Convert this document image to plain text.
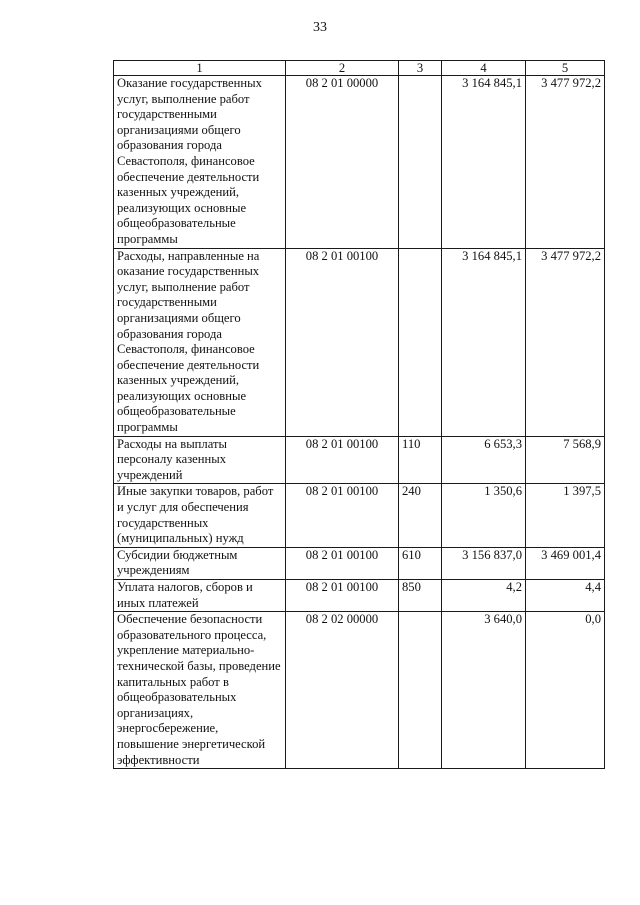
33
1	2	3	4	5
Оказание государственных услуг, выполнение работ государственными организациями общего образования города Севастополя, финансовое обеспечение деятельности казенных учреждений, реализующих основные общеобразовательные программы	08 2 01 00000		3 164 845,1	3 477 972,2
Расходы, направленные на оказание государственных услуг, выполнение работ государственными организациями общего образования города Севастополя, финансовое обеспечение деятельности казенных учреждений, реализующих основные общеобразовательные программы	08 2 01 00100		3 164 845,1	3 477 972,2
Расходы на выплаты персоналу казенных учреждений	08 2 01 00100	110	6 653,3	7 568,9
Иные закупки товаров, работ и услуг для обеспечения государственных (муниципальных) нужд	08 2 01 00100	240	1 350,6	1 397,5
Субсидии бюджетным учреждениям	08 2 01 00100	610	3 156 837,0	3 469 001,4
Уплата налогов, сборов и иных платежей	08 2 01 00100	850	4,2	4,4
Обеспечение безопасности образовательного процесса, укрепление материально-технической базы, проведение капитальных работ в общеобразовательных организациях, энергосбережение, повышение энергетической эффективности	08 2 02 00000		3 640,0	0,0
